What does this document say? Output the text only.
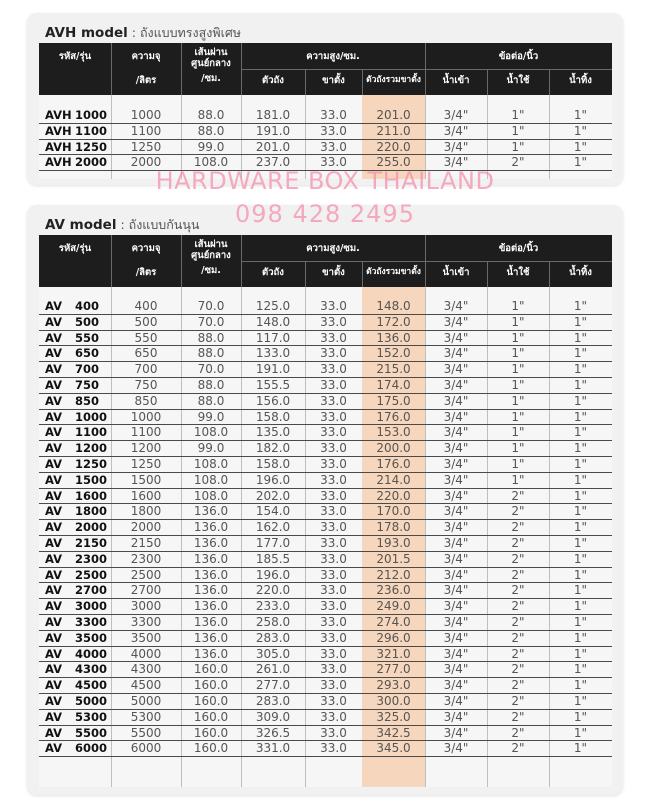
AVH model : ถังแบบทรงสูงพิเศษ
รหัส/รุ่น	ความจุ
/ลิตร
เส้นผ่าน
ศูนย์กลาง
/ซม.
ความสูง/ซม.
ตัวถัง	ขาตั้ง	ตัวถังรวมขาตั้ง
ข้อต่อ/นิ้ว
น้ำเข้า	น้ำใช้	น้ำทิ้ง
AVH 1000	1000	88.0	181.0	33.0	201.0	3/4"	1"	1"
AVH 1100	1100	88.0	191.0	33.0	211.0	3/4"	1"	1"
AVH 1250	1250	99.0	201.0	33.0	220.0	3/4"	1"	1"
AVH 2000	2000	108.0	237.0	33.0	255.0	3/4"	2"	1"
AV model : ถังแบบกันนุน
รหัส/รุ่น	ความจุ
/ลิตร
เส้นผ่าน
ศูนย์กลาง
/ซม.
ความสูง/ซม.
ตัวถัง	ขาตั้ง	ตัวถังรวมขาตั้ง
ข้อต่อ/นิ้ว
น้ำเข้า	น้ำใช้	น้ำทิ้ง
AV 400	400	70.0	125.0	33.0	148.0	3/4"	1"	1"
AV 500	500	70.0	148.0	33.0	172.0	3/4"	1"	1"
AV 550	550	88.0	117.0	33.0	136.0	3/4"	1"	1"
AV 650	650	88.0	133.0	33.0	152.0	3/4"	1"	1"
AV 700	700	70.0	191.0	33.0	215.0	3/4"	1"	1"
AV 750	750	88.0	155.5	33.0	174.0	3/4"	1"	1"
AV 850	850	88.0	156.0	33.0	175.0	3/4"	1"	1"
AV 1000	1000	99.0	158.0	33.0	176.0	3/4"	1"	1"
AV 1100	1100	108.0	135.0	33.0	153.0	3/4"	1"	1"
AV 1200	1200	99.0	182.0	33.0	200.0	3/4"	1"	1"
AV 1250	1250	108.0	158.0	33.0	176.0	3/4"	1"	1"
AV 1500	1500	108.0	196.0	33.0	214.0	3/4"	1"	1"
AV 1600	1600	108.0	202.0	33.0	220.0	3/4"	2"	1"
AV 1800	1800	136.0	154.0	33.0	170.0	3/4"	2"	1"
AV 2000	2000	136.0	162.0	33.0	178.0	3/4"	2"	1"
AV 2150	2150	136.0	177.0	33.0	193.0	3/4"	2"	1"
AV 2300	2300	136.0	185.5	33.0	201.5	3/4"	2"	1"
AV 2500	2500	136.0	196.0	33.0	212.0	3/4"	2"	1"
AV 2700	2700	136.0	220.0	33.0	236.0	3/4"	2"	1"
AV 3000	3000	136.0	233.0	33.0	249.0	3/4"	2"	1"
AV 3300	3300	136.0	258.0	33.0	274.0	3/4"	2"	1"
AV 3500	3500	136.0	283.0	33.0	296.0	3/4"	2"	1"
AV 4000	4000	136.0	305.0	33.0	321.0	3/4"	2"	1"
AV 4300	4300	160.0	261.0	33.0	277.0	3/4"	2"	1"
AV 4500	4500	160.0	277.0	33.0	293.0	3/4"	2"	1"
AV 5000	5000	160.0	283.0	33.0	300.0	3/4"	2"	1"
AV 5300	5300	160.0	309.0	33.0	325.0	3/4"	2"	1"
AV 5500	5500	160.0	326.5	33.0	342.5	3/4"	2"	1"
AV 6000	6000	160.0	331.0	33.0	345.0	3/4"	2"	1"
HARDWARE BOX THAILAND
098 428 2495
